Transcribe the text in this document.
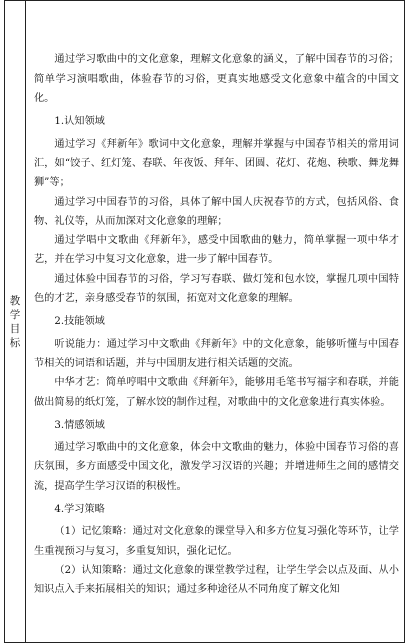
教学目标	

通过学习歌曲中的文化意象，理解文化意象的涵义，了解中国春节的习俗；简单学习演唱歌曲，体验春节的习俗，更真实地感受文化意象中蕴含的中国文化。

1.认知领域

通过学习《拜新年》歌词中文化意象，理解并掌握与中国春节相关的常用词汇，如“饺子、红灯笼、春联、年夜饭、拜年、团圆、花灯、花炮、秧歌、舞龙舞狮”等；

通过学习中国春节的习俗，具体了解中国人庆祝春节的方式，包括风俗、食物、礼仪等，从而加深对文化意象的理解；

通过学唱中文歌曲《拜新年》，感受中国歌曲的魅力，简单掌握一项中华才艺，并在学习中复习文化意象，进一步了解中国春节。

通过体验中国春节的习俗，学习写春联、做灯笼和包水饺，掌握几项中国特色的才艺，亲身感受春节的氛围，拓宽对文化意象的理解。

2.技能领域

听说能力：通过学习中文歌曲《拜新年》中的文化意象，能够听懂与中国春节相关的词语和话题，并与中国朋友进行相关话题的交流。

中华才艺：简单哼唱中文歌曲《拜新年》，能够用毛笔书写福字和春联，并能做出简易的纸灯笼，了解水饺的制作过程，对歌曲中的文化意象进行真实体验。

3.情感领域

通过学习歌曲中的文化意象，体会中文歌曲的魅力，体验中国春节习俗的喜庆氛围，多方面感受中国文化，激发学习汉语的兴趣；并增进师生之间的感情交流，提高学生学习汉语的积极性。

4.学习策略

（1）记忆策略：通过对文化意象的课堂导入和多方位复习强化等环节，让学生重视预习与复习，多重复知识，强化记忆。

（2）认知策略：通过文化意象的课堂教学过程，让学生学会以点及面、从小知识点入手来拓展相关的知识；通过多种途径从不同角度了解文化知
